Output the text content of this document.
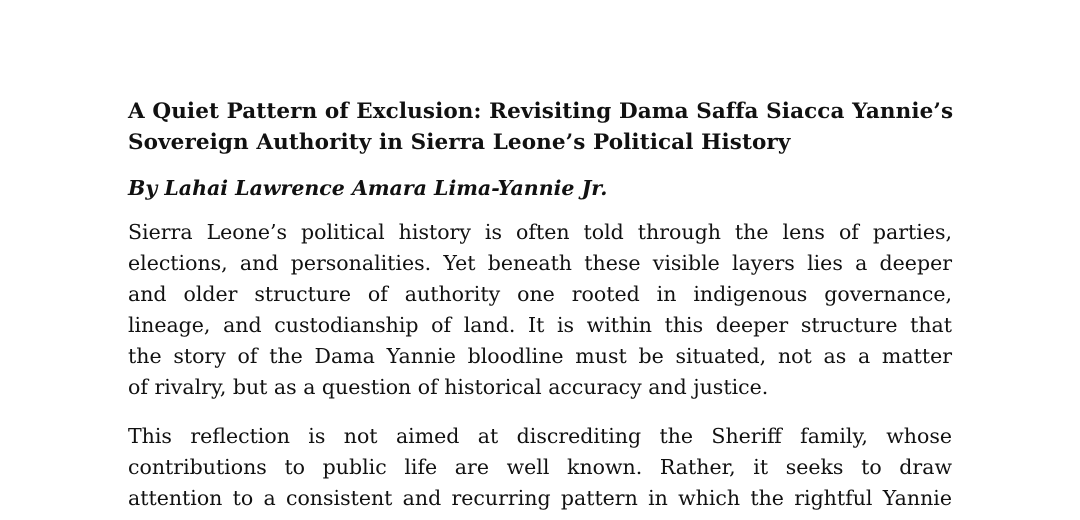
A Quiet Pattern of Exclusion: Revisiting Dama Saffa Siacca Yannie’s
Sovereign Authority in Sierra Leone’s Political History

By Lahai Lawrence Amara Lima-Yannie Jr.

Sierra Leone’s political history is often told through the lens of parties,
elections, and personalities. Yet beneath these visible layers lies a deeper
and older structure of authority one rooted in indigenous governance,
lineage, and custodianship of land. It is within this deeper structure that
the story of the Dama Yannie bloodline must be situated, not as a matter
of rivalry, but as a question of historical accuracy and justice.

This reflection is not aimed at discrediting the Sheriff family, whose
contributions to public life are well known. Rather, it seeks to draw
attention to a consistent and recurring pattern in which the rightful Yannie
